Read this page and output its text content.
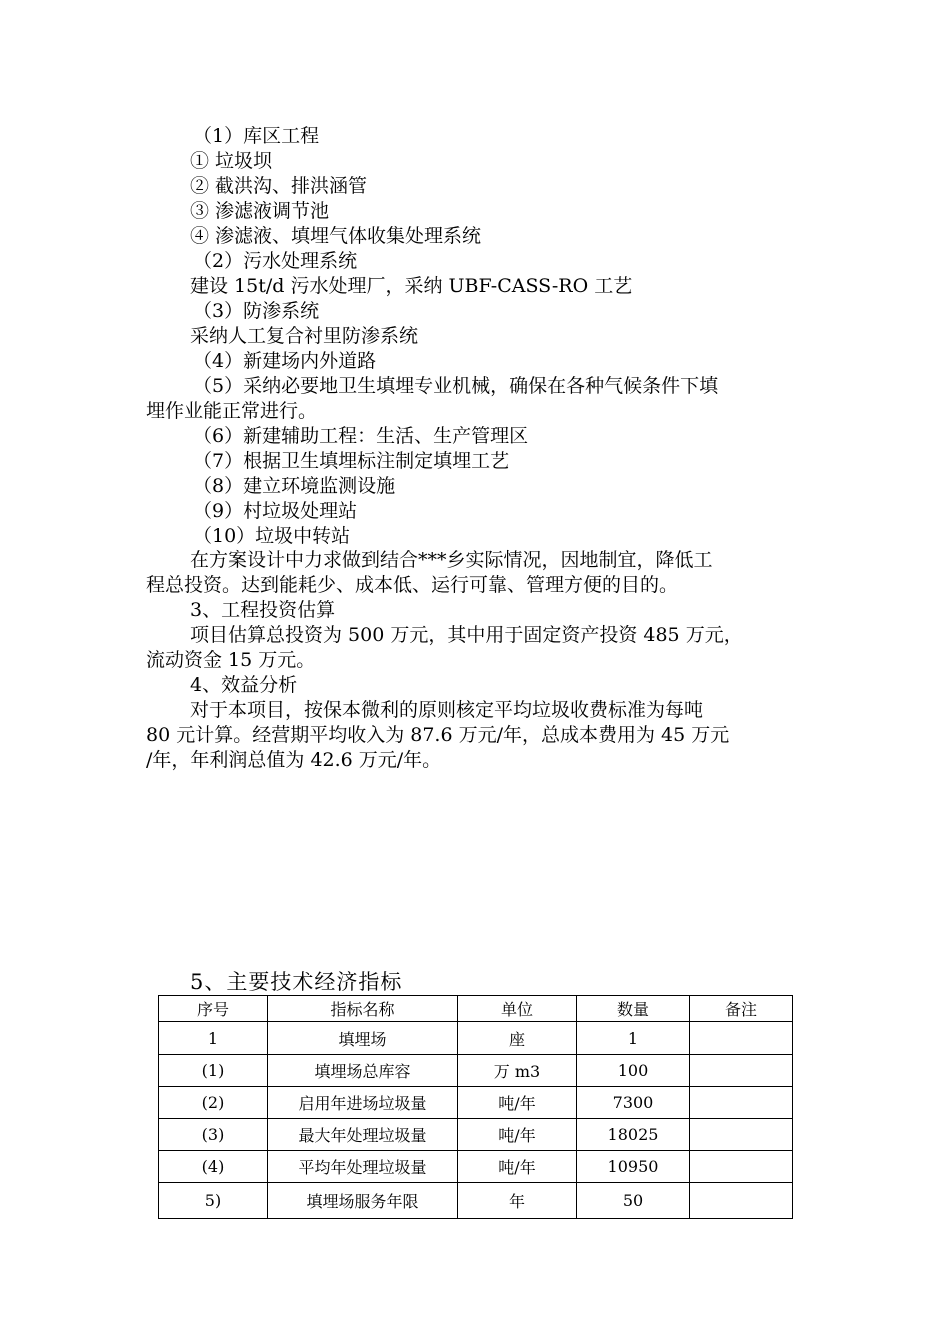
（1）库区工程
① 垃圾坝
② 截洪沟、排洪涵管
③ 渗滤液调节池
④ 渗滤液、填埋气体收集处理系统
（2）污水处理系统
建设 15t/d 污水处理厂，采纳 UBF-CASS-RO 工艺
（3）防渗系统
采纳人工复合衬里防渗系统
（4）新建场内外道路
（5）采纳必要地卫生填埋专业机械，确保在各种气候条件下填
埋作业能正常进行。
（6）新建辅助工程：生活、生产管理区
（7）根据卫生填埋标注制定填埋工艺
（8）建立环境监测设施
（9）村垃圾处理站
（10）垃圾中转站
在方案设计中力求做到结合***乡实际情况，因地制宜，降低工
程总投资。达到能耗少、成本低、运行可靠、管理方便的目的。
3、工程投资估算
项目估算总投资为 500 万元，其中用于固定资产投资 485 万元，
流动资金 15 万元。
4、效益分析
对于本项目，按保本微利的原则核定平均垃圾收费标准为每吨
80 元计算。经营期平均收入为 87.6 万元/年，总成本费用为 45 万元
/年，年利润总值为 42.6 万元/年。
5、主要技术经济指标
序号	指标名称	单位	数量	备注
1	填埋场	座	1	
(1)	填埋场总库容	万 m3	100	
(2)	启用年进场垃圾量	吨/年	7300	
(3)	最大年处理垃圾量	吨/年	18025	
(4)	平均年处理垃圾量	吨/年	10950	
5)	填埋场服务年限	年	50	
